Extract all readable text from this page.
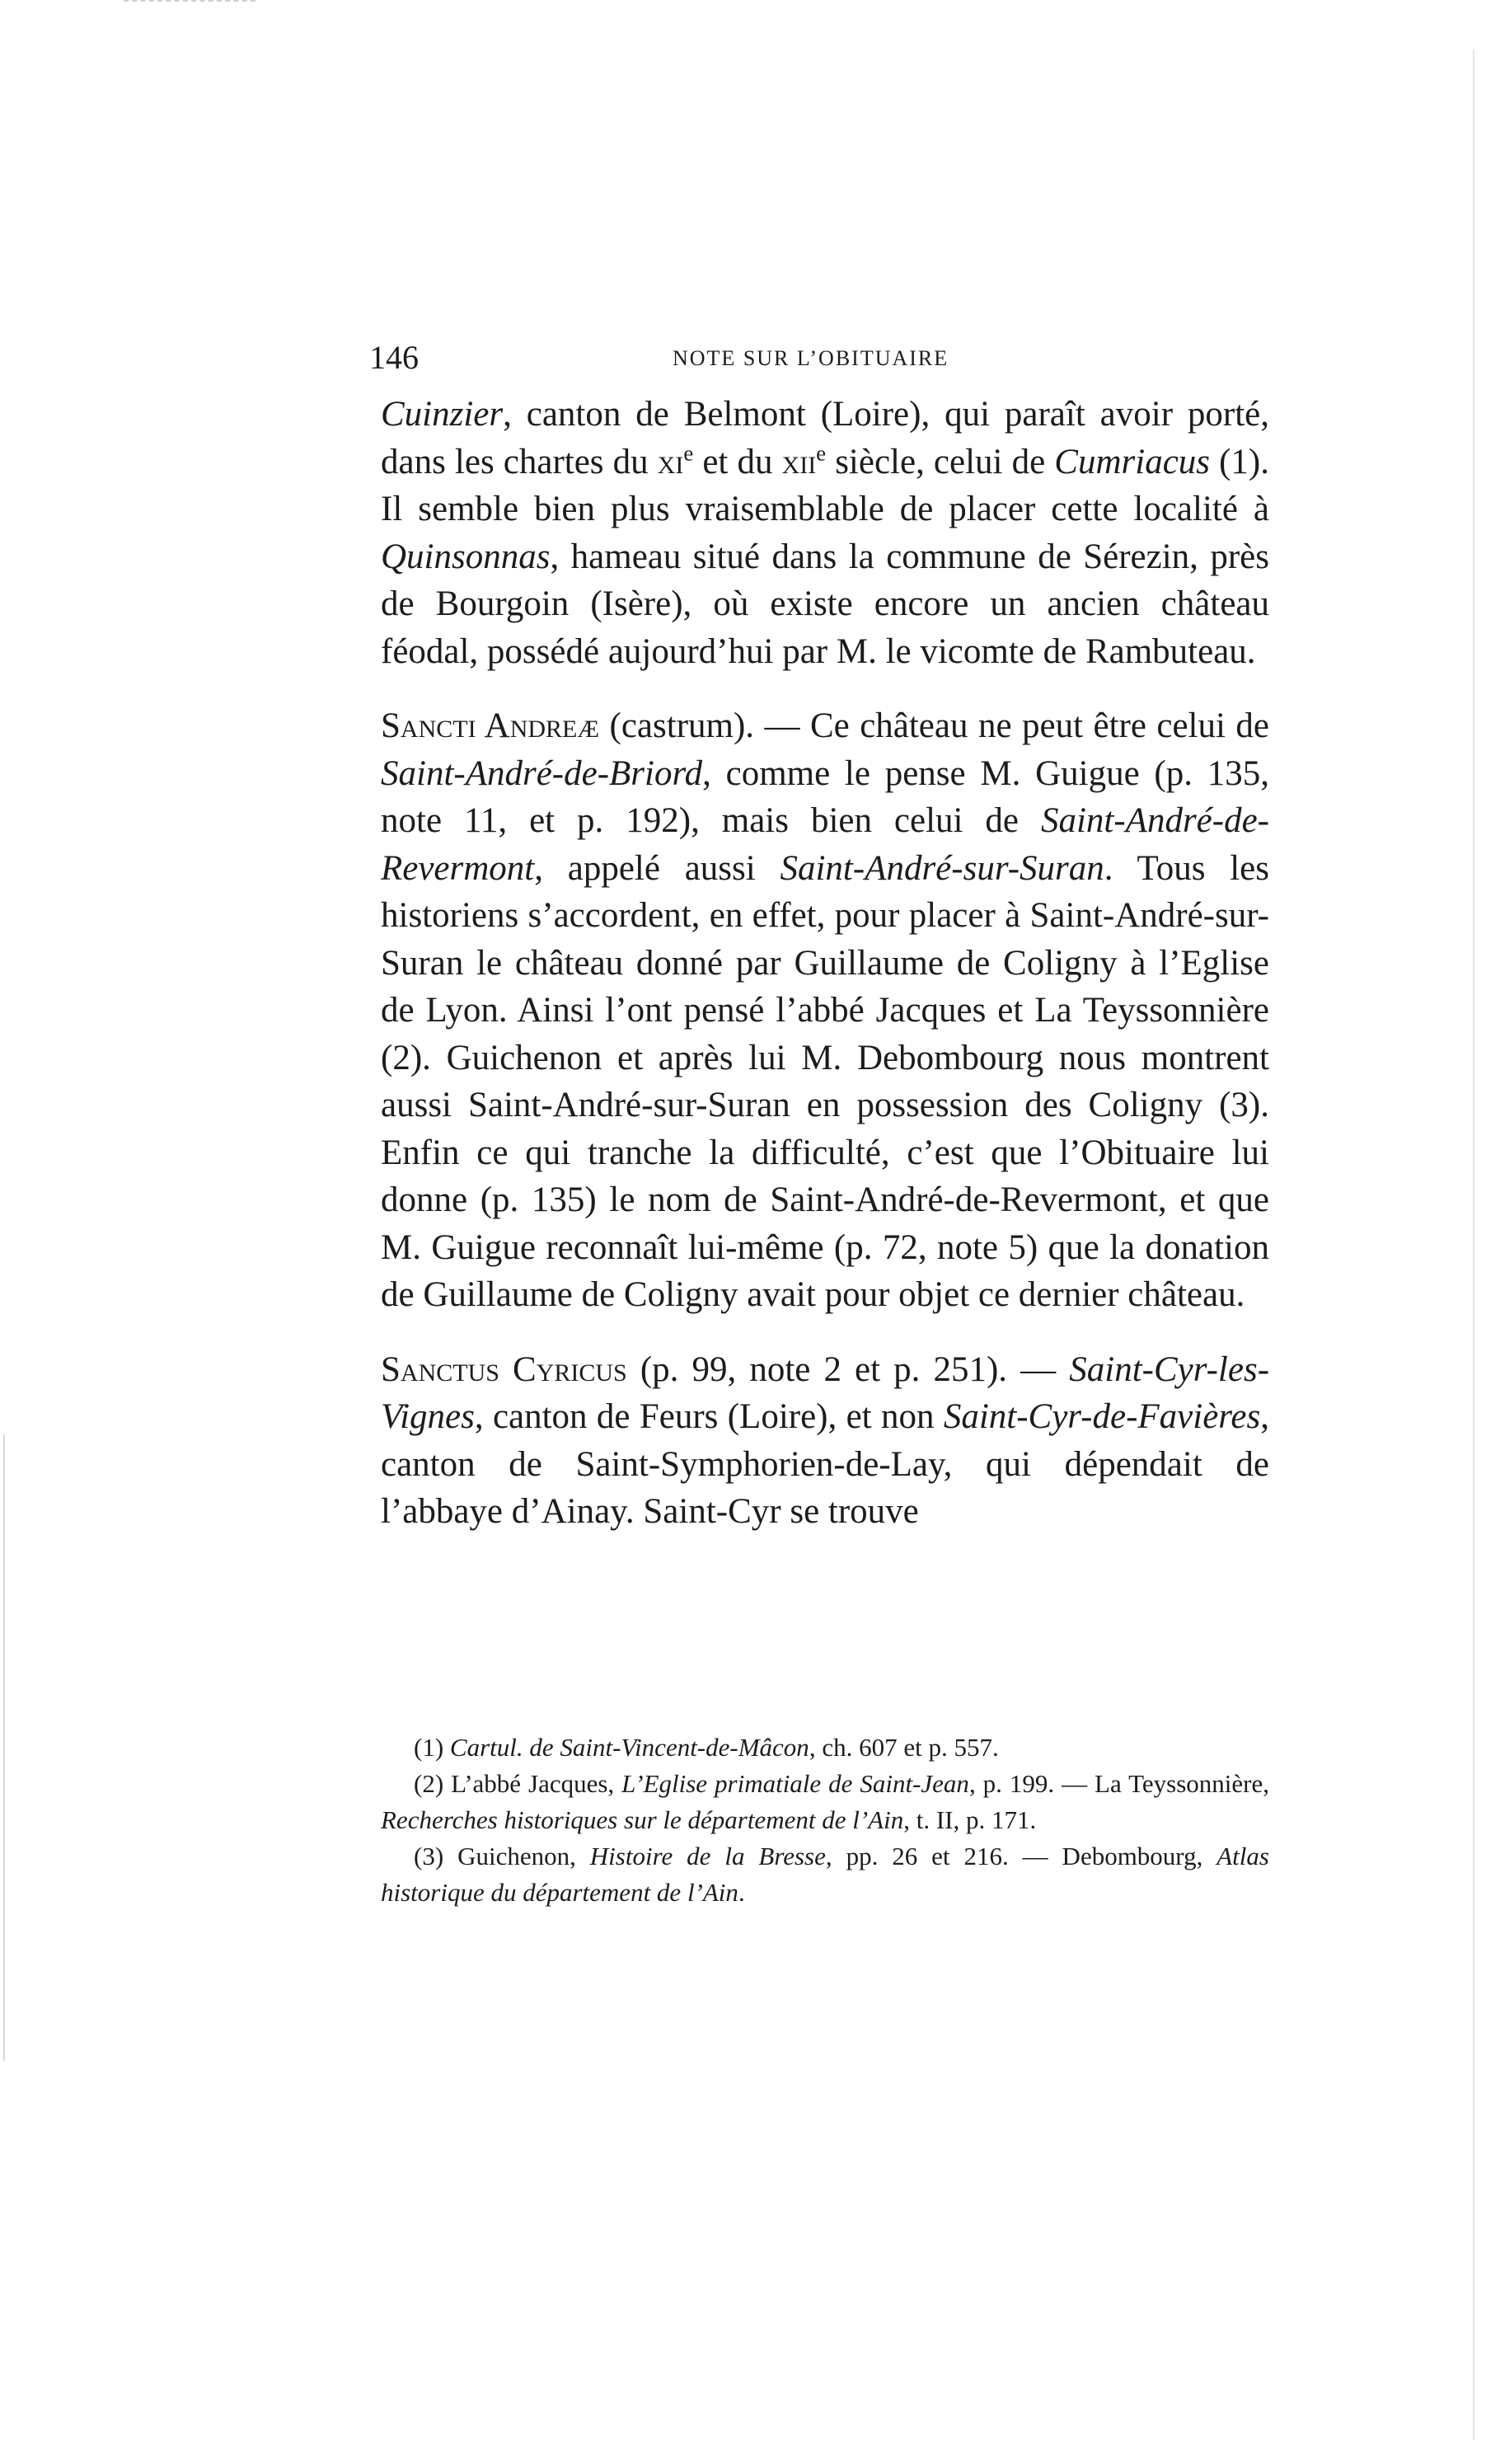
146	NOTE SUR L’OBITUAIRE

Cuinzier, canton de Belmont (Loire), qui paraît avoir porté, dans les chartes du $xi^e$ et du xii$^e$ siècle, celui de Cumriacus (1). Il semble bien plus vraisemblable de placer cette localité à Quinsonnas, hameau situé dans la commune de Sérezin, près de Bourgoin (Isère), où existe encore un ancien château féodal, possédé aujourd’hui par M. le vicomte de Rambuteau.

Sancti Andreæ (castrum). — Ce château ne peut être celui de Saint-André-de-Briord, comme le pense M. Guigue (p. 135, note 11, et p. 192), mais bien celui de Saint-André-de-Revermont, appelé aussi Saint-André-sur-Suran. Tous les historiens s’accordent, en effet, pour placer à Saint-André-sur-Suran le château donné par Guillaume de Coligny à l’Eglise de Lyon. Ainsi l’ont pensé l’abbé Jacques et La Teyssonnière (2). Guichenon et après lui M. Debombourg nous montrent aussi Saint-André-sur-Suran en possession des Coligny (3). Enfin ce qui tranche la difficulté, c’est que l’Obituaire lui donne (p. 135) le nom de Saint-André-de-Revermont, et que M. Guigue reconnaît lui-même (p. 72, note 5) que la donation de Guillaume de Coligny avait pour objet ce dernier château.

Sanctus Cyricus (p. 99, note 2 et p. 251). — Saint-Cyr-les-Vignes, canton de Feurs (Loire), et non Saint-Cyr-de-Favières, canton de Saint-Symphorien-de-Lay, qui dépendait de l’abbaye d’Ainay. Saint-Cyr se trouve

(1) Cartul. de Saint-Vincent-de-Mâcon, ch. 607 et p. 557.

(2) L’abbé Jacques, L’Eglise primatiale de Saint-Jean, p. 199. — La Teyssonnière, Recherches historiques sur le département de l’Ain, t. II, p. 171.

(3) Guichenon, Histoire de la Bresse, pp. 26 et 216. — Debombourg, Atlas historique du département de l’Ain.
